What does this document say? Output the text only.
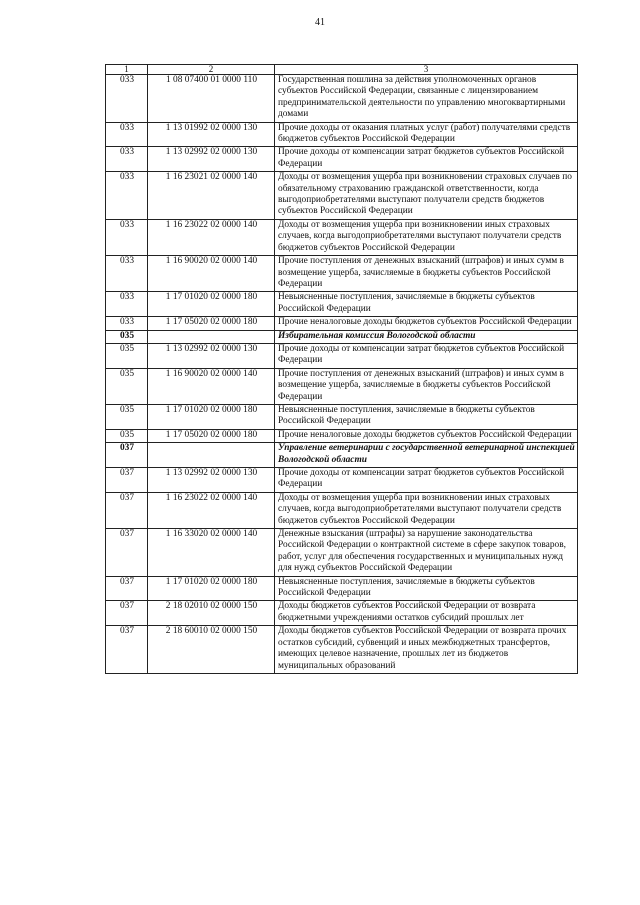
41
1	2	3
033	1 08 07400 01 0000 110	Государственная пошлина за действия уполномоченных органов субъектов Российской Федерации, связанные с лицензированием предпринимательской деятельности по управлению многоквартирными домами
033	1 13 01992 02 0000 130	Прочие доходы от оказания платных услуг (работ) получателями средств бюджетов субъектов Российской Федерации
033	1 13 02992 02 0000 130	Прочие доходы от компенсации затрат бюджетов субъектов Российской Федерации
033	1 16 23021 02 0000 140	Доходы от возмещения ущерба при возникновении страховых случаев по обязательному страхованию гражданской ответственности, когда выгодоприобретателями выступают получатели средств бюджетов субъектов Российской Федерации
033	1 16 23022 02 0000 140	Доходы от возмещения ущерба при возникновении иных страховых случаев, когда выгодоприобретателями выступают получатели средств бюджетов субъектов Российской Федерации
033	1 16 90020 02 0000 140	Прочие поступления от денежных взысканий (штрафов) и иных сумм в возмещение ущерба, зачисляемые в бюджеты субъектов Российской Федерации
033	1 17 01020 02 0000 180	Невыясненные поступления, зачисляемые в бюджеты субъектов Российской Федерации
033	1 17 05020 02 0000 180	Прочие неналоговые доходы бюджетов субъектов Российской Федерации
035		Избирательная комиссия Вологодской области
035	1 13 02992 02 0000 130	Прочие доходы от компенсации затрат бюджетов субъектов Российской Федерации
035	1 16 90020 02 0000 140	Прочие поступления от денежных взысканий (штрафов) и иных сумм в возмещение ущерба, зачисляемые в бюджеты субъектов Российской Федерации
035	1 17 01020 02 0000 180	Невыясненные поступления, зачисляемые в бюджеты субъектов Российской Федерации
035	1 17 05020 02 0000 180	Прочие неналоговые доходы бюджетов субъектов Российской Федерации
037		Управление ветеринарии с государственной ветеринарной инспекцией Вологодской области
037	1 13 02992 02 0000 130	Прочие доходы от компенсации затрат бюджетов субъектов Российской Федерации
037	1 16 23022 02 0000 140	Доходы от возмещения ущерба при возникновении иных страховых случаев, когда выгодоприобретателями выступают получатели средств бюджетов субъектов Российской Федерации
037	1 16 33020 02 0000 140	Денежные взыскания (штрафы) за нарушение законодательства Российской Федерации о контрактной системе в сфере закупок товаров, работ, услуг для обеспечения государственных и муниципальных нужд для нужд субъектов Российской Федерации
037	1 17 01020 02 0000 180	Невыясненные поступления, зачисляемые в бюджеты субъектов Российской Федерации
037	2 18 02010 02 0000 150	Доходы бюджетов субъектов Российской Федерации от возврата бюджетными учреждениями остатков субсидий прошлых лет
037	2 18 60010 02 0000 150	Доходы бюджетов субъектов Российской Федерации от возврата прочих остатков субсидий, субвенций и иных межбюджетных трансфертов, имеющих целевое назначение, прошлых лет из бюджетов муниципальных образований
